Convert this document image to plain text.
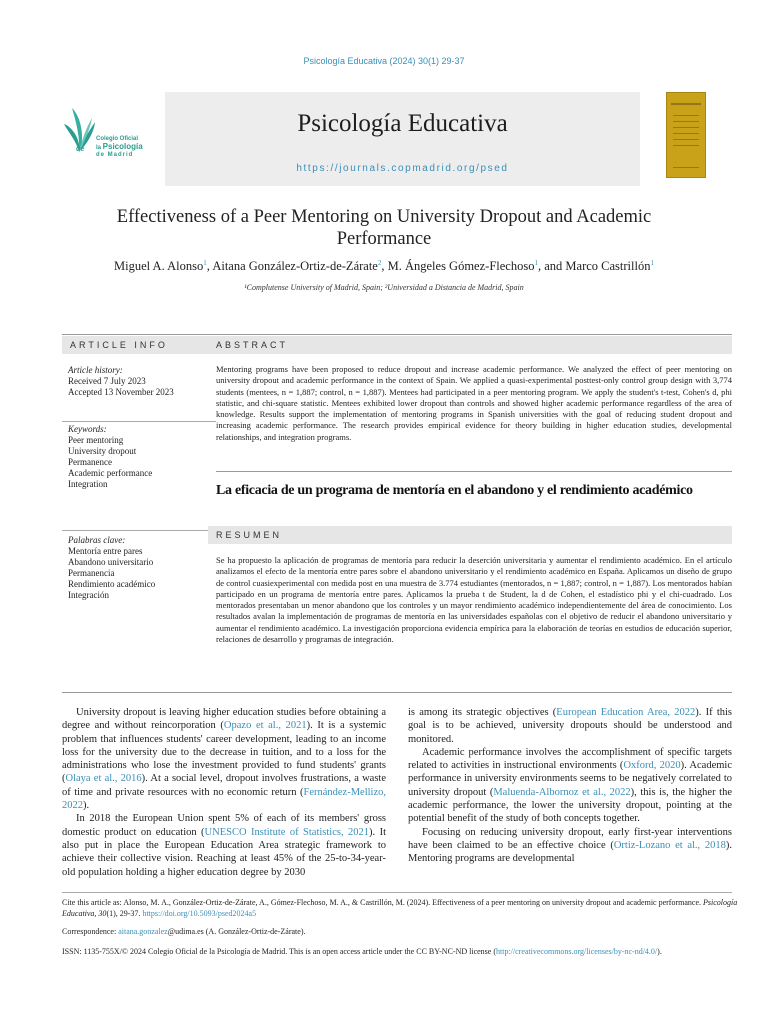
Psicología Educativa (2024) 30(1) 29-37
de
Colegio Oficial
la Psicología
de Madrid
Psicología Educativa
https://journals.copmadrid.org/psed
Effectiveness of a Peer Mentoring on University Dropout and Academic Performance
Miguel A. Alonso$^1$, Aitana González-Ortiz-de-Zárate$^2$, M. Ángeles Gómez-Flechoso$^1$, and Marco Castrillón$^1$
¹Complutense University of Madrid, Spain; ²Universidad a Distancia de Madrid, Spain
ARTICLE INFO	ABSTRACT
Article history:
Received 7 July 2023
Accepted 13 November 2023
Keywords:
Peer mentoring
University dropout
Permanence
Academic performance
Integration
Palabras clave:
Mentoría entre pares
Abandono universitario
Permanencia
Rendimiento académico
Integración
Mentoring programs have been proposed to reduce dropout and increase academic performance. We analyzed the effect of peer mentoring on university dropout and academic performance in the context of Spain. We applied a quasi-experimental posttest-only control group design with 3,774 students (mentees, n = 1,887; control, n = 1,887). Mentees had participated in a peer mentoring program. We apply the student's t-test, Cohen's d, phi statistic, and chi-square statistic. Mentees exhibited lower dropout than controls and showed higher academic performance regardless of the area of knowledge. Results support the implementation of mentoring programs in Spanish universities with the goal of reducing student dropout and increasing academic performance. The research provides empirical evidence for theory building in higher education studies, developmental relationships, and integration programs.
La eficacia de un programa de mentoría en el abandono y el rendimiento académico
RESUMEN
Se ha propuesto la aplicación de programas de mentoría para reducir la deserción universitaria y aumentar el rendimiento académico. En el artículo analizamos el efecto de la mentoría entre pares sobre el abandono universitario y el rendimiento académico en España. Aplicamos un diseño de grupo de control cuasiexperimental con medida post en una muestra de 3.774 estudiantes (mentorados, n = 1,887; control, n = 1,887). Los mentorados habían participado en un programa de mentoría entre pares. Aplicamos la prueba t de Student, la d de Cohen, el estadístico phi y el chi-cuadrado. Los mentorados presentaban un menor abandono que los controles y un mayor rendimiento académico independientemente del área de conocimiento. Los resultados avalan la implementación de programas de mentoría en las universidades españolas con el objetivo de reducir el abandono universitario y aumentar el rendimiento académico. La investigación proporciona evidencia empírica para la elaboración de teorías en estudios de educación superior, relaciones de desarrollo y programas de integración.

University dropout is leaving higher education studies before obtaining a degree and without reincorporation (Opazo et al., 2021). It is a systemic problem that influences students' career development, leading to an income loss for the university due to the decrease in tuition, and to a loss for the administrations who lose the investment provided to fund students' grants (Olaya et al., 2016). At a social level, dropout involves frustrations, a waste of time and private resources with no economic return (Fernández-Mellizo, 2022).

In 2018 the European Union spent 5% of each of its members' gross domestic product on education (UNESCO Institute of Statistics, 2021). It also put in place the European Education Area strategic framework to achieve their collective vision. Reaching at least 45% of the 25-to-34-year-old population holding a higher education degree by 2030

is among its strategic objectives (European Education Area, 2022). If this goal is to be achieved, university dropouts should be understood and monitored.

Academic performance involves the accomplishment of specific targets related to activities in instructional environments (Oxford, 2020). Academic performance in university environments seems to be negatively correlated to university dropout (Maluenda-Albornoz et al., 2022), this is, the higher the academic performance, the lower the university dropout, pointing at the potential benefit of the study of both concepts together.

Focusing on reducing university dropout, early first-year interventions have been claimed to be an effective choice (Ortiz-Lozano et al., 2018). Mentoring programs are developmental

Cite this article as: Alonso, M. A., González-Ortiz-de-Zárate, A., Gómez-Flechoso, M. A., & Castrillón, M. (2024). Effectiveness of a peer mentoring on university dropout and academic performance. Psicología Educativa, 30(1), 29-37. https://doi.org/10.5093/psed2024a5
Correspondence: aitana.gonzalez@udima.es (A. González-Ortiz-de-Zárate).
ISSN: 1135-755X/© 2024 Colegio Oficial de la Psicología de Madrid. This is an open access article under the CC BY-NC-ND license (http://creativecommons.org/licenses/by-nc-nd/4.0/).
